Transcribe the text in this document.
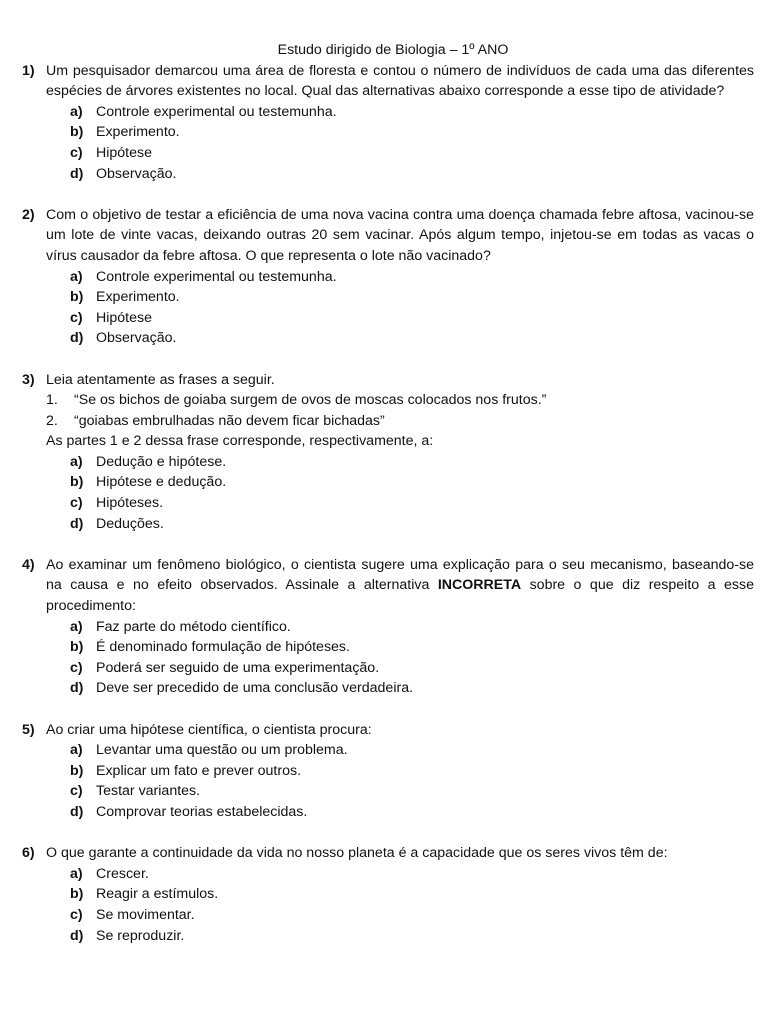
Estudo dirigido de Biologia – 1º ANO
1) Um pesquisador demarcou uma área de floresta e contou o número de indivíduos de cada uma das diferentes espécies de árvores existentes no local. Qual das alternativas abaixo corresponde a esse tipo de atividade?
a) Controle experimental ou testemunha.
b) Experimento.
c) Hipótese
d) Observação.
2) Com o objetivo de testar a eficiência de uma nova vacina contra uma doença chamada febre aftosa, vacinou-se um lote de vinte vacas, deixando outras 20 sem vacinar. Após algum tempo, injetou-se em todas as vacas o vírus causador da febre aftosa. O que representa o lote não vacinado?
a) Controle experimental ou testemunha.
b) Experimento.
c) Hipótese
d) Observação.
3) Leia atentamente as frases a seguir.
1. “Se os bichos de goiaba surgem de ovos de moscas colocados nos frutos.”
2. “goiabas embrulhadas não devem ficar bichadas”
As partes 1 e 2 dessa frase corresponde, respectivamente, a:
a) Dedução e hipótese.
b) Hipótese e dedução.
c) Hipóteses.
d) Deduções.
4) Ao examinar um fenômeno biológico, o cientista sugere uma explicação para o seu mecanismo, baseando-se na causa e no efeito observados. Assinale a alternativa INCORRETA sobre o que diz respeito a esse procedimento:
a) Faz parte do método científico.
b) É denominado formulação de hipóteses.
c) Poderá ser seguido de uma experimentação.
d) Deve ser precedido de uma conclusão verdadeira.
5) Ao criar uma hipótese científica, o cientista procura:
a) Levantar uma questão ou um problema.
b) Explicar um fato e prever outros.
c) Testar variantes.
d) Comprovar teorias estabelecidas.
6) O que garante a continuidade da vida no nosso planeta é a capacidade que os seres vivos têm de:
a) Crescer.
b) Reagir a estímulos.
c) Se movimentar.
d) Se reproduzir.
